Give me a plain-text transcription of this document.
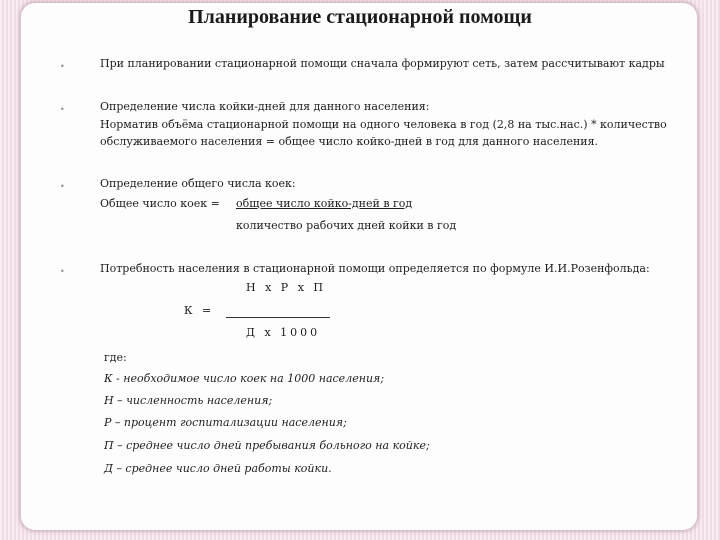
Планирование стационарной помощи
•	При планировании стационарной помощи сначала формируют сеть, затем рассчитывают кадры
•	Определение числа койки-дней для данного населения:
Норматив объёма стационарной помощи на одного человека в год (2,8 на тыс.нас.) * количество
обслуживаемого населения = общее число койко-дней в год для данного населения.
•	Определение общего числа коек:
Общее число коек = общее число койко-дней в год
количество рабочих дней койки в год
•	Потребность населения в стационарной помощи определяется по формуле И.И.Розенфольда:
Н х Р х П
К =
Д х 1000
где:
К - необходимое число коек на 1000 населения;
Н – численность населения;
Р – процент госпитализации населения;
П – среднее число дней пребывания больного на койке;
Д – среднее число дней работы койки.
